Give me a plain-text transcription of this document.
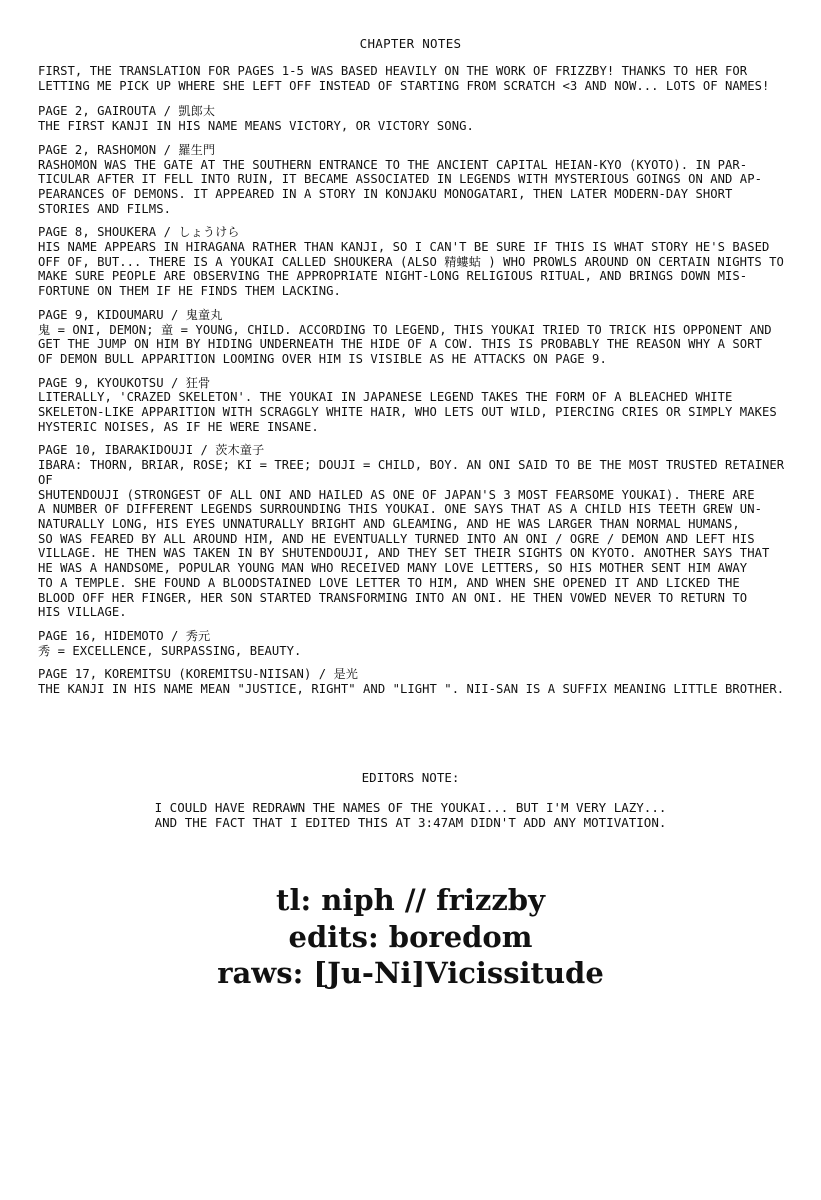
CHAPTER NOTES
FIRST, THE TRANSLATION FOR PAGES 1-5 WAS BASED HEAVILY ON THE WORK OF FRIZZBY! THANKS TO HER FOR
LETTING ME PICK UP WHERE SHE LEFT OFF INSTEAD OF STARTING FROM SCRATCH <3 AND NOW... LOTS OF NAMES!
PAGE 2, GAIROUTA / 凱郎太
THE FIRST KANJI IN HIS NAME MEANS VICTORY, OR VICTORY SONG.
PAGE 2, RASHOMON / 羅生門
RASHOMON WAS THE GATE AT THE SOUTHERN ENTRANCE TO THE ANCIENT CAPITAL HEIAN-KYO (KYOTO). IN PAR-
TICULAR AFTER IT FELL INTO RUIN, IT BECAME ASSOCIATED IN LEGENDS WITH MYSTERIOUS GOINGS ON AND AP-
PEARANCES OF DEMONS. IT APPEARED IN A STORY IN KONJAKU MONOGATARI, THEN LATER MODERN-DAY SHORT
STORIES AND FILMS.
PAGE 8, SHOUKERA / しょうけら
HIS NAME APPEARS IN HIRAGANA RATHER THAN KANJI, SO I CAN'T BE SURE IF THIS IS WHAT STORY HE'S BASED
OFF OF, BUT... THERE IS A YOUKAI CALLED SHOUKERA (ALSO 精螻蛄 ) WHO PROWLS AROUND ON CERTAIN NIGHTS TO
MAKE SURE PEOPLE ARE OBSERVING THE APPROPRIATE NIGHT-LONG RELIGIOUS RITUAL, AND BRINGS DOWN MIS-
FORTUNE ON THEM IF HE FINDS THEM LACKING.
PAGE 9, KIDOUMARU / 鬼童丸
鬼 = ONI, DEMON; 童 = YOUNG, CHILD. ACCORDING TO LEGEND, THIS YOUKAI TRIED TO TRICK HIS OPPONENT AND
GET THE JUMP ON HIM BY HIDING UNDERNEATH THE HIDE OF A COW. THIS IS PROBABLY THE REASON WHY A SORT
OF DEMON BULL APPARITION LOOMING OVER HIM IS VISIBLE AS HE ATTACKS ON PAGE 9.
PAGE 9, KYOUKOTSU / 狂骨
LITERALLY, 'CRAZED SKELETON'. THE YOUKAI IN JAPANESE LEGEND TAKES THE FORM OF A BLEACHED WHITE
SKELETON-LIKE APPARITION WITH SCRAGGLY WHITE HAIR, WHO LETS OUT WILD, PIERCING CRIES OR SIMPLY MAKES
HYSTERIC NOISES, AS IF HE WERE INSANE.
PAGE 10, IBARAKIDOUJI / 茨木童子
IBARA: THORN, BRIAR, ROSE; KI = TREE; DOUJI = CHILD, BOY. AN ONI SAID TO BE THE MOST TRUSTED RETAINER OF
SHUTENDOUJI (STRONGEST OF ALL ONI AND HAILED AS ONE OF JAPAN'S 3 MOST FEARSOME YOUKAI). THERE ARE
A NUMBER OF DIFFERENT LEGENDS SURROUNDING THIS YOUKAI. ONE SAYS THAT AS A CHILD HIS TEETH GREW UN-
NATURALLY LONG, HIS EYES UNNATURALLY BRIGHT AND GLEAMING, AND HE WAS LARGER THAN NORMAL HUMANS,
SO WAS FEARED BY ALL AROUND HIM, AND HE EVENTUALLY TURNED INTO AN ONI / OGRE / DEMON AND LEFT HIS
VILLAGE. HE THEN WAS TAKEN IN BY SHUTENDOUJI, AND THEY SET THEIR SIGHTS ON KYOTO. ANOTHER SAYS THAT
HE WAS A HANDSOME, POPULAR YOUNG MAN WHO RECEIVED MANY LOVE LETTERS, SO HIS MOTHER SENT HIM AWAY
TO A TEMPLE. SHE FOUND A BLOODSTAINED LOVE LETTER TO HIM, AND WHEN SHE OPENED IT AND LICKED THE
BLOOD OFF HER FINGER, HER SON STARTED TRANSFORMING INTO AN ONI. HE THEN VOWED NEVER TO RETURN TO
HIS VILLAGE.
PAGE 16, HIDEMOTO / 秀元
秀 = EXCELLENCE, SURPASSING, BEAUTY.
PAGE 17, KOREMITSU (KOREMITSU-NIISAN) / 是光
THE KANJI IN HIS NAME MEAN "JUSTICE, RIGHT" AND "LIGHT ". NII-SAN IS A SUFFIX MEANING LITTLE BROTHER.
EDITORS NOTE:
I COULD HAVE REDRAWN THE NAMES OF THE YOUKAI... BUT I'M VERY LAZY...
AND THE FACT THAT I EDITED THIS AT 3:47AM DIDN'T ADD ANY MOTIVATION.
tl: niph // frizzby
edits: boredom
raws: [Ju-Ni]Vicissitude
